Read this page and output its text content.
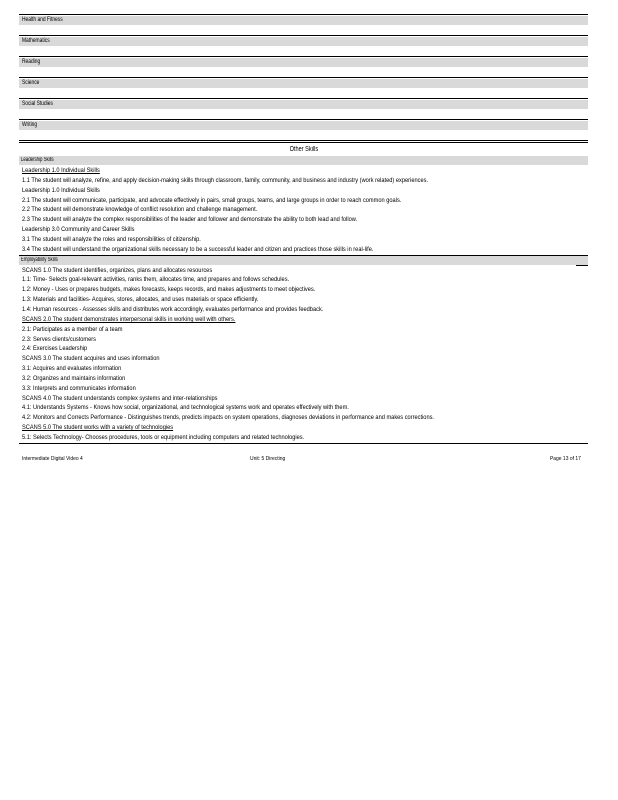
Health and Fitness
Mathematics
Reading
Science
Social Studies
Writing
Other Skills
Leadership Skills
Leadership 1.0 Individual Skills
1.1 The student will analyze, refine, and apply decision-making skills through classroom, family, community, and business and industry (work related) experiences.
Leadership 1.0 Individual Skills
2.1 The student will communicate, participate, and advocate effectively in pairs, small groups, teams, and large groups in order to reach common goals.
2.2 The student will demonstrate knowledge of conflict resolution and challenge management.
2.3 The student will analyze the complex responsibilities of the leader and follower and demonstrate the ability to both lead and follow.
Leadership 3.0 Community and Career Skills
3.1 The student will analyze the roles and responsibilities of citizenship.
3.4 The student will understand the organizational skills necessary to be a successful leader and citizen and practices those skills in real-life.
Employability Skills
SCANS 1.0 The student identifies, organizes, plans and allocates resources
1.1: Time- Selects goal-relevant activities, ranks them, allocates time, and prepares and follows schedules.
1.2: Money - Uses or prepares budgets, makes forecasts, keeps records, and makes adjustments to meet objectives.
1.3: Materials and facilities- Acquires, stores, allocates, and uses materials or space efficiently.
1.4: Human resources - Assesses skills and distributes work accordingly, evaluates performance and provides feedback.
SCANS 2.0 The student demonstrates interpersonal skills in working well with others.
2.1: Participates as a member of a team
2.3: Serves clients/customers
2.4: Exercises Leadership
SCANS 3.0 The student acquires and uses information
3.1: Acquires and evaluates information
3.2: Organizes and maintains information
3.3: Interprets and communicates information
SCANS 4.0 The student understands complex systems and inter-relationships
4.1: Understands Systems - Knows how social, organizational, and technological systems work and operates effectively with them.
4.2: Monitors and Corrects Performance - Distinguishes trends, predicts impacts on system operations, diagnoses deviations in performance and makes corrections.
SCANS 5.0 The student works with a variety of technologies
5.1: Selects Technology- Chooses procedures, tools or equipment including computers and related technologies.
Intermediate Digital Video 4	Unit: 5 Directing	Page 13 of 17
